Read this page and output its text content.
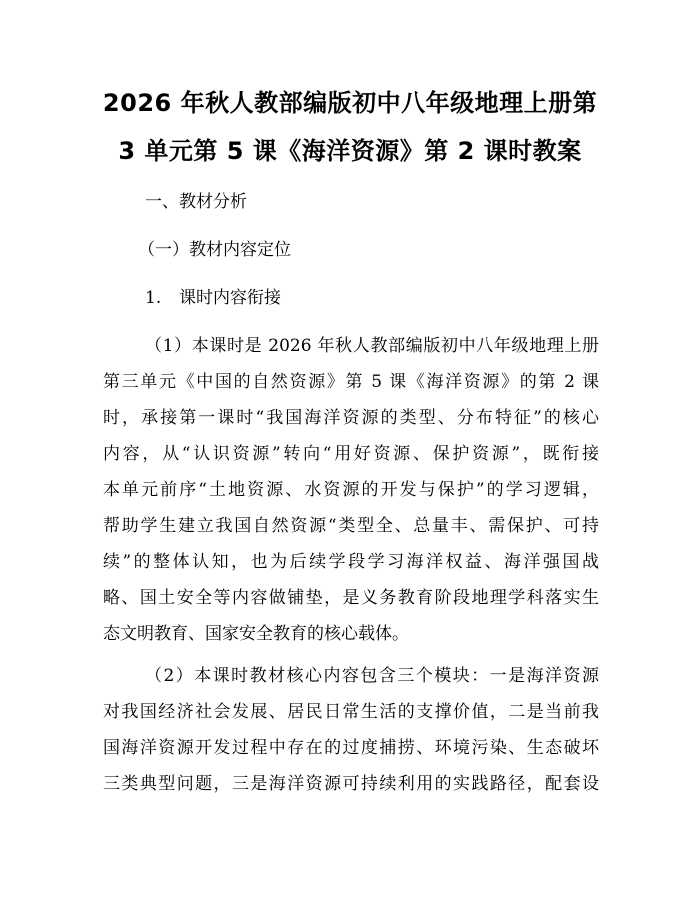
2026 年秋人教部编版初中八年级地理上册第
3 单元第 5 课《海洋资源》第 2 课时教案
一、教材分析
（一）教材内容定位
1. 课时内容衔接
（1）本课时是 2026 年秋人教部编版初中八年级地理上册
第三单元《中国的自然资源》第 5 课《海洋资源》的第 2 课
时，承接第一课时“我国海洋资源的类型、分布特征”的核心
内容，从“认识资源”转向“用好资源、保护资源”，既衔接
本单元前序“土地资源、水资源的开发与保护”的学习逻辑，
帮助学生建立我国自然资源“类型全、总量丰、需保护、可持
续”的整体认知，也为后续学段学习海洋权益、海洋强国战
略、国土安全等内容做铺垫，是义务教育阶段地理学科落实生
态文明教育、国家安全教育的核心载体。
（2）本课时教材核心内容包含三个模块：一是海洋资源
对我国经济社会发展、居民日常生活的支撑价值，二是当前我
国海洋资源开发过程中存在的过度捕捞、环境污染、生态破坏
三类典型问题，三是海洋资源可持续利用的实践路径，配套设
